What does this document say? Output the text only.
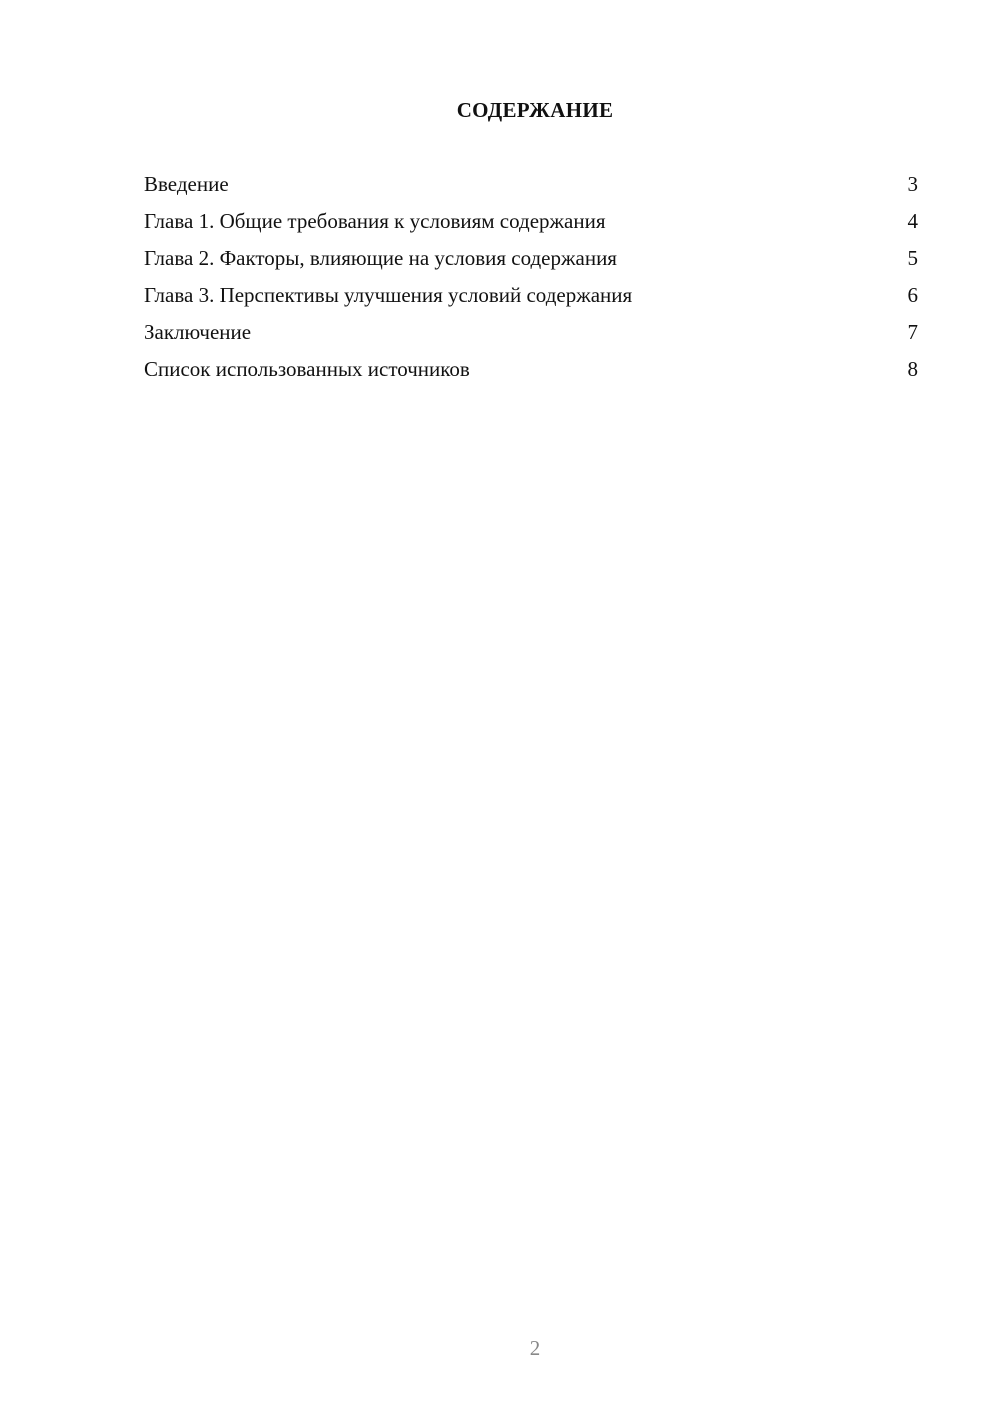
СОДЕРЖАНИЕ
Введение	3
Глава 1. Общие требования к условиям содержания	4
Глава 2. Факторы, влияющие на условия содержания	5
Глава 3. Перспективы улучшения условий содержания	6
Заключение	7
Список использованных источников	8
2
